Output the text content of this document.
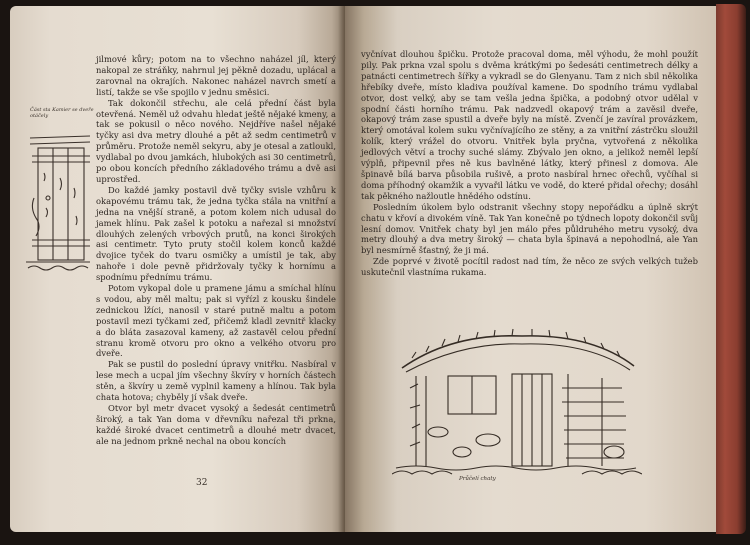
Část sta Kamier se dveře otáčely

jilmové kůry; potom na to všechno naházel jíl, který nakopal ze stráňky, nahrnul jej pěkně dozadu, uplácal a zarovnal na okrajích. Nakonec naházel navrch smetí a listí, takže se vše spojilo v jednu směsici.

Tak dokončil střechu, ale celá přední část byla otevřená. Neměl už odvahu hledat ještě nějaké kmeny, a tak se pokusil o něco nového. Nejdříve našel nějaké tyčky asi dva metry dlouhé a pět až sedm centimetrů v průměru. Protože neměl sekyru, aby je otesal a zatloukl, vydlabal po dvou jamkách, hlubokých asi 30 centimetrů, po obou koncích předního základového trámu a dvě asi uprostřed.

Do každé jamky postavil dvě tyčky svisle vzhůru k okapovému trámu tak, že jedna tyčka stála na vnitřní a jedna na vnější straně, a potom kolem nich udusal do jamek hlínu. Pak zašel k potoku a nařezal si množství dlouhých zelených vrbových prutů, na konci širokých asi centimetr. Tyto pruty stočil kolem konců každé dvojice tyček do tvaru osmičky a umístil je tak, aby nahoře i dole pevně přidržovaly tyčky k hornímu a spodnímu přednímu trámu.

Potom vykopal dole u pramene jámu a smíchal hlínu s vodou, aby měl maltu; pak si vyřízl z kousku šindele zednickou lžíci, nanosil v staré putně maltu a potom postavil mezi tyčkami zeď, přičemž kladl zevnitř klacky a do bláta zasazoval kameny, až zastavěl celou přední stranu kromě otvoru pro okno a velkého otvoru pro dveře.

Pak se pustil do poslední úpravy vnitřku. Nasbíral v lese mech a ucpal jím všechny škvíry v horních částech stěn, a škvíry u země vyplnil kameny a hlínou. Tak byla chata hotova; chyběly jí však dveře.

Otvor byl metr dvacet vysoký a šedesát centimetrů široký, a tak Yan doma v dřevníku nařezal tři prkna, každé široké dvacet centimetrů a dlouhé metr dvacet, ale na jednom prkně nechal na obou koncích

32

vyčnívat dlouhou špičku. Protože pracoval doma, měl výhodu, že mohl použít pily. Pak prkna vzal spolu s dvěma krátkými po šedesáti centimetrech délky a patnácti centimetrech šířky a vykradl se do Glenyanu. Tam z nich sbil několika hřebíky dveře, místo kladiva používal kamene. Do spodního trámu vydlabal otvor, dost velký, aby se tam vešla jedna špička, a podobný otvor udělal v spodní části horního trámu. Pak nadzvedl okapový trám a zavěsil dveře, okapový trám zase spustil a dveře byly na místě. Zvenčí je zavíral provázkem, který omotával kolem suku vyčnívajícího ze stěny, a za vnitřní zástrčku sloužil kolík, který vrážel do otvoru. Vnitřek byla pryčna, vytvořená z několika jedlových větví a trochy suché slámy. Zbývalo jen okno, a jelikož neměl lepší výplň, připevnil přes ně kus bavlněné látky, který přinesl z domova. Ale špinavě bílá barva působila rušivě, a proto nasbíral hrnec ořechů, vyčíhal si doma příhodný okamžik a vyvařil látku ve vodě, do které přidal ořechy; dosáhl tak pěkného nažloutle hnědého odstínu.

Posledním úkolem bylo odstranit všechny stopy nepořádku a úplně skrýt chatu v křoví a divokém víně. Tak Yan konečně po týdnech lopoty dokončil svůj lesní domov. Vnitřek chaty byl jen málo přes půldruhého metru vysoký, dva metry dlouhý a dva metry široký — chata byla špinavá a nepohodlná, ale Yan byl nesmírně šťastný, že ji má.

Zde poprvé v životě pocítil radost nad tím, že něco ze svých velkých tužeb uskutečnil vlastníma rukama.

Průčelí chaty
